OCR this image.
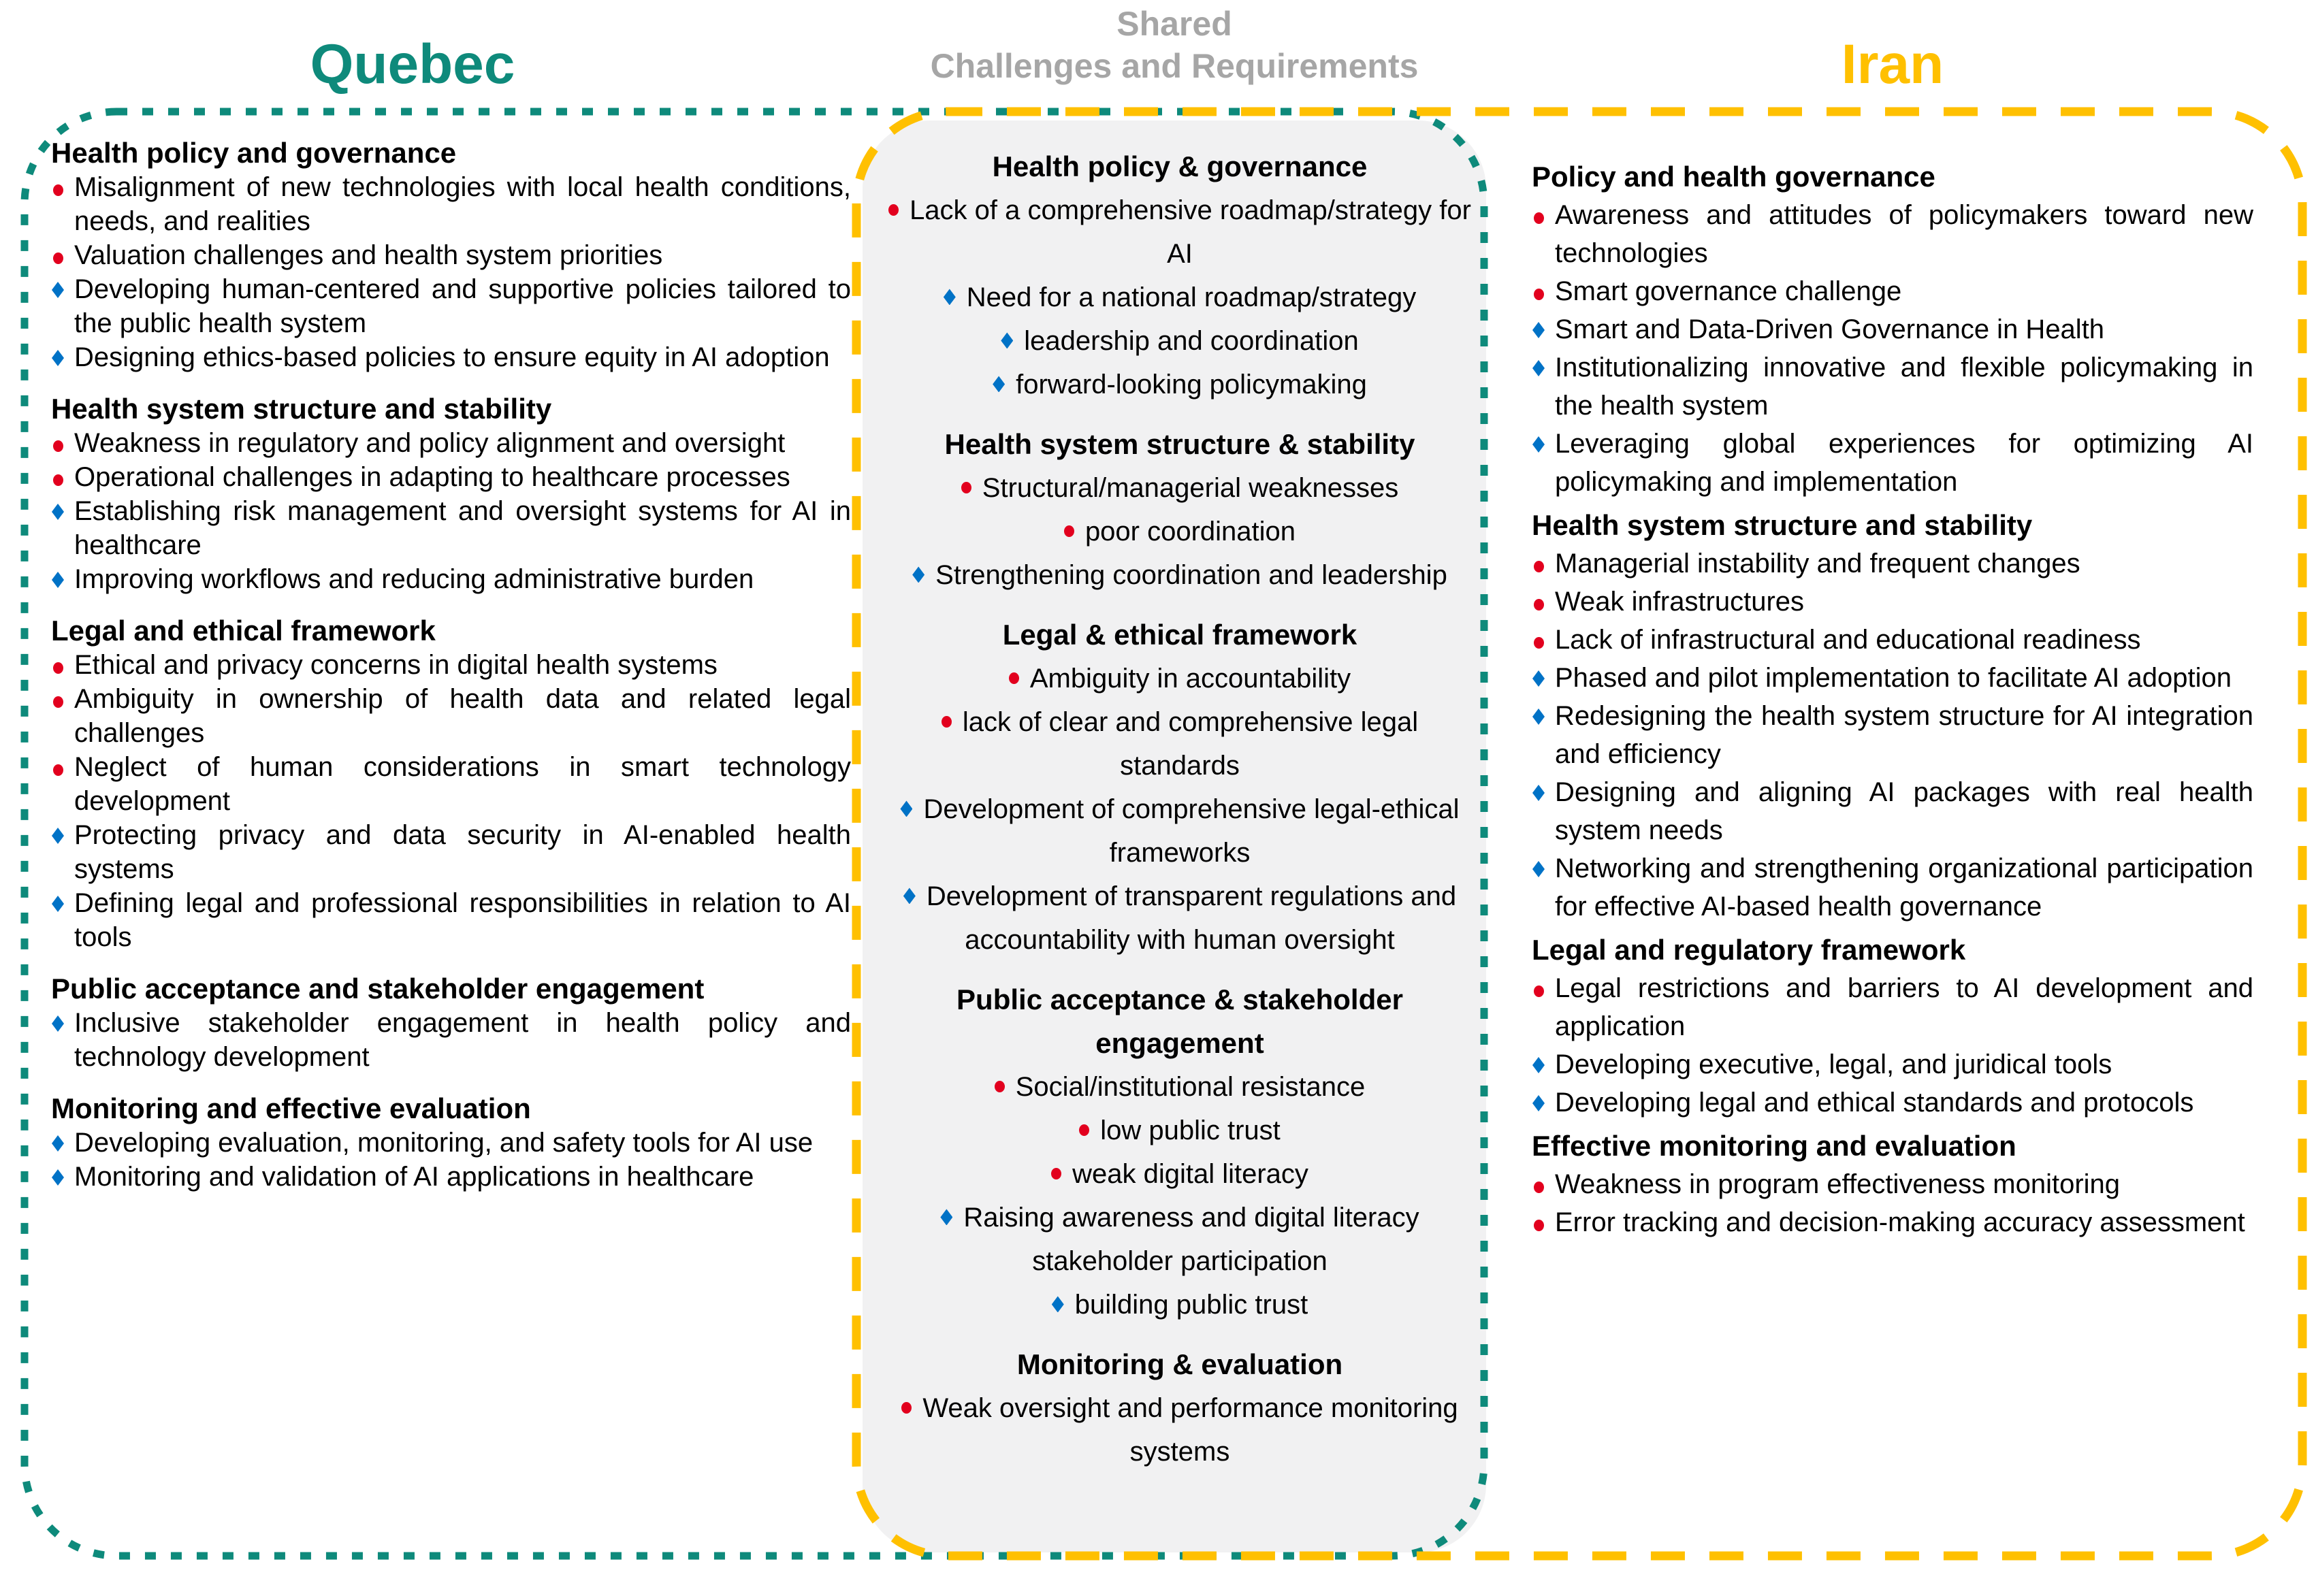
Quebec
Shared
Challenges and Requirements	Iran
Health policy and governance
Misalignment of new technologies with local health conditions, needs, and realities
Valuation challenges and health system priorities
Developing human-centered and supportive policies tailored to the public health system
Designing ethics-based policies to ensure equity in AI adoption
Health system structure and stability
Weakness in regulatory and policy alignment and oversight
Operational challenges in adapting to healthcare processes
Establishing risk management and oversight systems for AI in healthcare
Improving workflows and reducing administrative burden
Legal and ethical framework
Ethical and privacy concerns in digital health systems
Ambiguity in ownership of health data and related legal challenges
Neglect of human considerations in smart technology development
Protecting privacy and data security in AI-enabled health systems
Defining legal and professional responsibilities in relation to AI tools
Public acceptance and stakeholder engagement
Inclusive stakeholder engagement in health policy and technology development
Monitoring and effective evaluation
Developing evaluation, monitoring, and safety tools for AI use
Monitoring and validation of AI applications in healthcare
Health policy & governance
Lack of a comprehensive roadmap/strategy for AI
Need for a national roadmap/strategy
leadership and coordination
forward-looking policymaking
Health system structure & stability
Structural/managerial weaknesses
poor coordination
Strengthening coordination and leadership
Legal & ethical framework
Ambiguity in accountability
lack of clear and comprehensive legal standards
Development of comprehensive legal-ethical frameworks
Development of transparent regulations and accountability with human oversight
Public acceptance & stakeholder engagement
Social/institutional resistance
low public trust
weak digital literacy
Raising awareness and digital literacy stakeholder participation
building public trust
Monitoring & evaluation
Weak oversight and performance monitoring systems
Policy and health governance
Awareness and attitudes of policymakers toward new technologies
Smart governance challenge
Smart and Data-Driven Governance in Health
Institutionalizing innovative and flexible policymaking in the health system
Leveraging global experiences for optimizing AI policymaking and implementation
Health system structure and stability
Managerial instability and frequent changes
Weak infrastructures
Lack of infrastructural and educational readiness
Phased and pilot implementation to facilitate AI adoption
Redesigning the health system structure for AI integration and efficiency
Designing and aligning AI packages with real health system needs
Networking and strengthening organizational participation for effective AI-based health governance
Legal and regulatory framework
Legal restrictions and barriers to AI development and application
Developing executive, legal, and juridical tools
Developing legal and ethical standards and protocols
Effective monitoring and evaluation
Weakness in program effectiveness monitoring
Error tracking and decision-making accuracy assessment
